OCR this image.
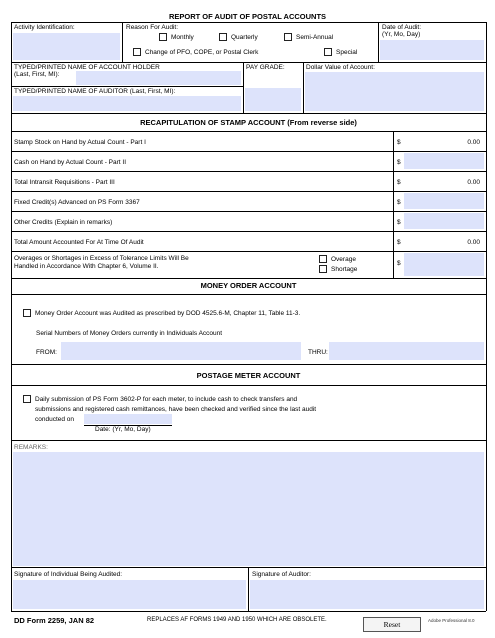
REPORT OF AUDIT OF POSTAL ACCOUNTS
Activity Identification:	Reason For Audit:
Monthly	Quarterly	Semi-Annual
Change of PFO, COPE, or Postal Clerk	Special
Date of Audit:
(Yr, Mo, Day)
TYPED/PRINTED NAME OF ACCOUNT HOLDER
(Last, First, MI):
PAY GRADE:	Dollar Value of Account:
TYPED/PRINTED NAME OF AUDITOR (Last, First, MI):
RECAPITULATION OF STAMP ACCOUNT (From reverse side)
Stamp Stock on Hand by Actual Count - Part I	$	0.00
Cash on Hand by Actual Count - Part II	$
Total Intransit Requisitions - Part III	$	0.00
Fixed Credit(s) Advanced on PS Form 3367	$
Other Credits (Explain in remarks)	$
Total Amount Accounted For At Time Of Audit	$	0.00
Overages or Shortages in Excess of Tolerance Limits Will Be
Handled in Accordance With Chapter 6, Volume II.
Overage
Shortage
$
MONEY ORDER ACCOUNT
Money Order Account was Audited as prescribed by DOD 4525.6-M, Chapter 11, Table 11-3.
Serial Numbers of Money Orders currently in Individuals Account
FROM:	THRU:
POSTAGE METER ACCOUNT
Daily submission of PS Form 3602-P for each meter, to include cash to check transfers and
submissions and registered cash remittances, have been checked and verified since the last audit
conducted on
Date: (Yr, Mo, Day)
REMARKS:
Signature of Individual Being Audited:	Signature of Auditor:
DD Form 2259, JAN 82	REPLACES AF FORMS 1949 AND 1950 WHICH ARE OBSOLETE.	Reset	Adobe Professional 8.0
